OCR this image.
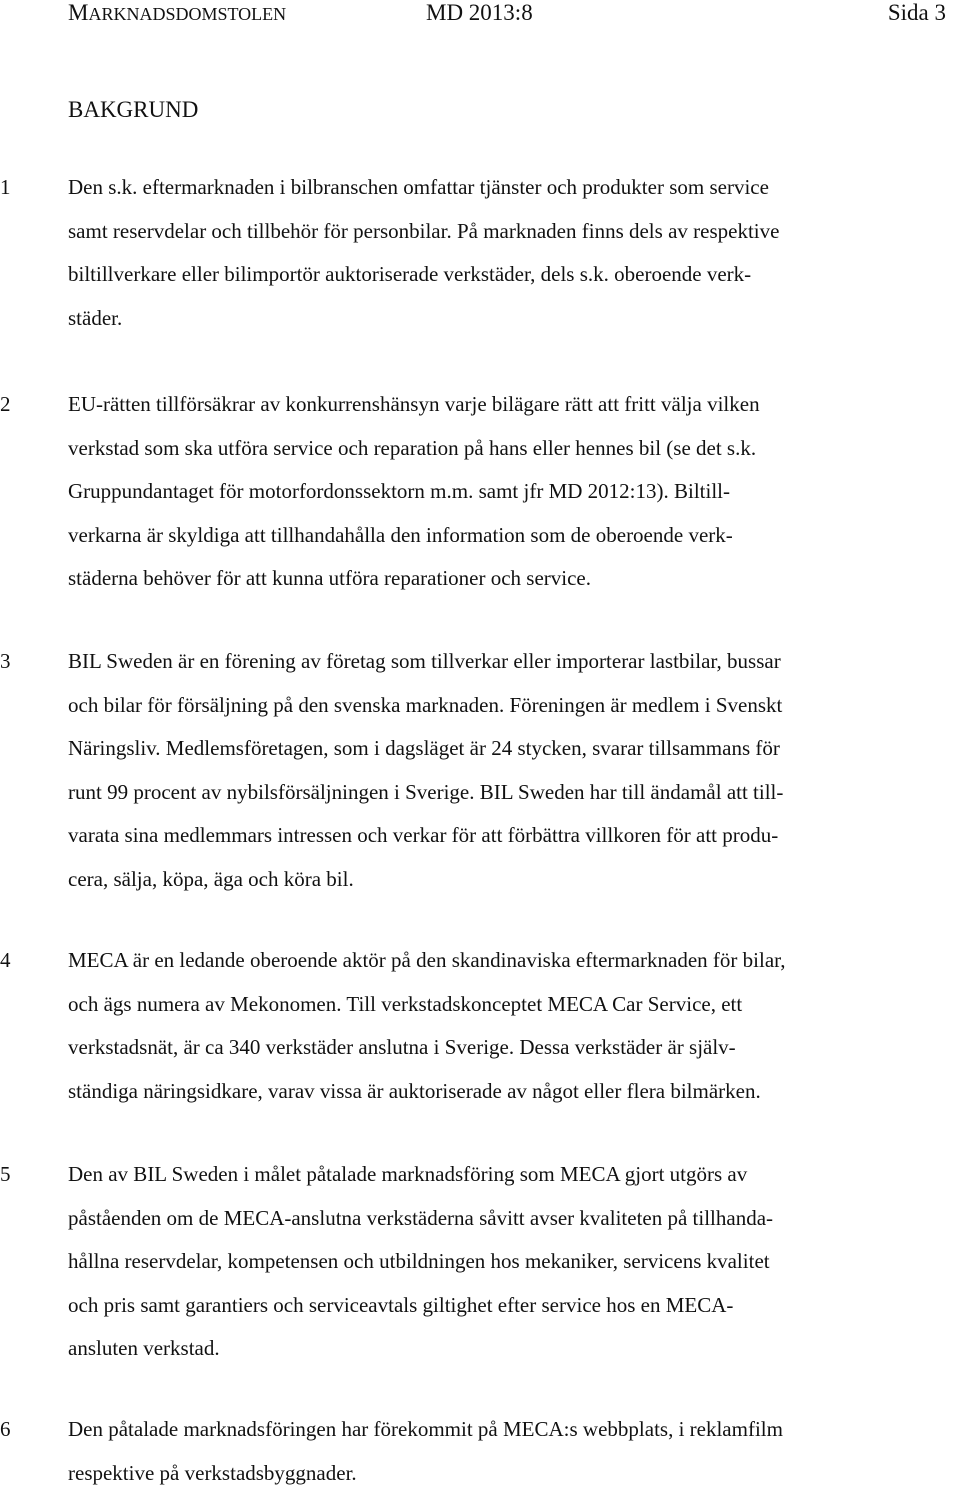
MARKNADSDOMSTOLEN	MD 2013:8	Sida 3
BAKGRUND
1	Den s.k. eftermarknaden i bilbranschen omfattar tjänster och produkter som service
samt reservdelar och tillbehör för personbilar. På marknaden finns dels av respektive
biltillverkare eller bilimportör auktoriserade verkstäder, dels s.k. oberoende verk-
städer.
2	EU-rätten tillförsäkrar av konkurrenshänsyn varje bilägare rätt att fritt välja vilken
verkstad som ska utföra service och reparation på hans eller hennes bil (se det s.k.
Gruppundantaget för motorfordonssektorn m.m. samt jfr MD 2012:13). Biltill-
verkarna är skyldiga att tillhandahålla den information som de oberoende verk-
städerna behöver för att kunna utföra reparationer och service.
3	BIL Sweden är en förening av företag som tillverkar eller importerar lastbilar, bussar
och bilar för försäljning på den svenska marknaden. Föreningen är medlem i Svenskt
Näringsliv. Medlemsföretagen, som i dagsläget är 24 stycken, svarar tillsammans för
runt 99 procent av nybilsförsäljningen i Sverige. BIL Sweden har till ändamål att till-
varata sina medlemmars intressen och verkar för att förbättra villkoren för att produ-
cera, sälja, köpa, äga och köra bil.
4	MECA är en ledande oberoende aktör på den skandinaviska eftermarknaden för bilar,
och ägs numera av Mekonomen. Till verkstadskonceptet MECA Car Service, ett
verkstadsnät, är ca 340 verkstäder anslutna i Sverige. Dessa verkstäder är själv-
ständiga näringsidkare, varav vissa är auktoriserade av något eller flera bilmärken.
5	Den av BIL Sweden i målet påtalade marknadsföring som MECA gjort utgörs av
påståenden om de MECA-anslutna verkstäderna såvitt avser kvaliteten på tillhanda-
hållna reservdelar, kompetensen och utbildningen hos mekaniker, servicens kvalitet
och pris samt garantiers och serviceavtals giltighet efter service hos en MECA-
ansluten verkstad.
6	Den påtalade marknadsföringen har förekommit på MECA:s webbplats, i reklamfilm
respektive på verkstadsbyggnader.
